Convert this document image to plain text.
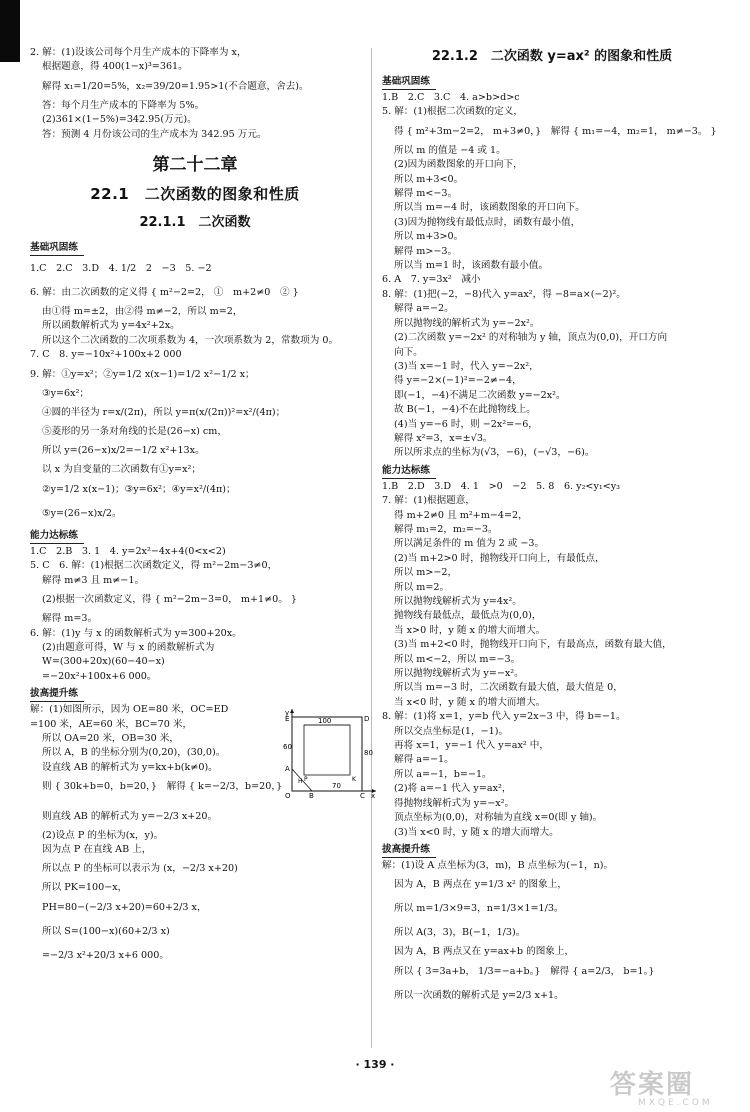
2. 解：(1)设该公司每个月生产成本的下降率为 x，
根据题意，得 400(1−x)³=361。
解得 x₁=1/20=5%，x₂=39/20=1.95>1(不合题意，舍去)。
答：每个月生产成本的下降率为 5%。
(2)361×(1−5%)=342.95(万元)。
答：预测 4 月份该公司的生产成本为 342.95 万元。
第二十二章
22.1　二次函数的图象和性质
22.1.1　二次函数
基础巩固练
1.C　2.C　3.D　4. 1/2　2　−3　5. −2
6. 解：由二次函数的定义得 { m²−2=2， ①　m+2≠0　② }
由①得 m=±2，由②得 m≠−2，所以 m=2，
所以函数解析式为 y=4x²+2x。
所以这个二次函数的二次项系数为 4，一次项系数为 2，常数项为 0。
7. C　8. y=−10x²+100x+2 000
9. 解：①y=x²；②y=1/2 x(x−1)=1/2 x²−1/2 x；
③y=6x²；
④圆的半径为 r=x/(2π)，所以 y=π(x/(2π))²=x²/(4π)；
⑤菱形的另一条对角线的长是(26−x) cm，
所以 y=(26−x)x/2=−1/2 x²+13x。
以 x 为自变量的二次函数有①y=x²；
②y=1/2 x(x−1)；③y=6x²；④y=x²/(4π)；
⑤y=(26−x)x/2。
能力达标练
1.C　2.B　3. 1　4. y=2x²−4x+4(0<x<2)
5. C　6. 解：(1)根据二次函数定义，得 m²−2m−3≠0，
解得 m≠3 且 m≠−1。
(2)根据一次函数定义，得 { m²−2m−3=0， m+1≠0。 }
解得 m=3。
6. 解：(1)y 与 x 的函数解析式为 y=300+20x。
(2)由题意可得，W 与 x 的函数解析式为
W=(300+20x)(60−40−x)
=−20x²+100x+6 000。
拔高提升练
解：(1)如图所示，因为 OE=80 米，OC=ED
=100 米，AE=60 米，BC=70 米，
所以 OA=20 米，OB=30 米，
所以 A，B 的坐标分别为(0,20)，(30,0)。
设直线 AB 的解析式为 y=kx+b(k≠0)。
则 { 30k+b=0，b=20，}　解得 { k=−2/3，b=20，}
y
E	D
100
60
80
A
O	B	C x
70
H P	K
则直线 AB 的解析式为 y=−2/3 x+20。
(2)设点 P 的坐标为(x，y)。
因为点 P 在直线 AB 上，
所以点 P 的坐标可以表示为 (x，−2/3 x+20)
所以 PK=100−x，
PH=80−(−2/3 x+20)=60+2/3 x，
所以 S=(100−x)(60+2/3 x)
=−2/3 x²+20/3 x+6 000。
22.1.2　二次函数 y=ax² 的图象和性质
基础巩固练
1.B　2.C　3.C　4. a>b>d>c
5. 解：(1)根据二次函数的定义，
得 { m²+3m−2=2， m+3≠0，}　解得 { m₁=−4，m₂=1， m≠−3。 }
所以 m 的值是 −4 或 1。
(2)因为函数图象的开口向下，
所以 m+3<0。
解得 m<−3。
所以当 m=−4 时，该函数图象的开口向下。
(3)因为抛物线有最低点时，函数有最小值，
所以 m+3>0。
解得 m>−3。
所以当 m=1 时，该函数有最小值。
6. A　7. y=3x²　减小
8. 解：(1)把(−2，−8)代入 y=ax²，得 −8=a×(−2)²。
解得 a=−2。
所以抛物线的解析式为 y=−2x²。
(2)二次函数 y=−2x² 的对称轴为 y 轴，顶点为(0,0)，开口方向
向下。
(3)当 x=−1 时，代入 y=−2x²，
得 y=−2×(−1)²=−2≠−4，
即(−1，−4)不满足二次函数 y=−2x²。
故 B(−1，−4)不在此抛物线上。
(4)当 y=−6 时，则 −2x²=−6，
解得 x²=3，x=±√3。
所以所求点的坐标为(√3，−6)，(−√3，−6)。
能力达标练
1.B　2.D　3.D　4. 1　>0　−2　5. 8　6. y₂<y₁<y₃
7. 解：(1)根据题意，
得 m+2≠0 且 m²+m−4=2，
解得 m₁=2，m₂=−3。
所以满足条件的 m 值为 2 或 −3。
(2)当 m+2>0 时，抛物线开口向上，有最低点，
所以 m>−2，
所以 m=2。
所以抛物线解析式为 y=4x²。
抛物线有最低点，最低点为(0,0)，
当 x>0 时，y 随 x 的增大而增大。
(3)当 m+2<0 时，抛物线开口向下，有最高点，函数有最大值，
所以 m<−2，所以 m=−3。
所以抛物线解析式为 y=−x²。
所以当 m=−3 时，二次函数有最大值，最大值是 0，
当 x<0 时，y 随 x 的增大而增大。
8. 解：(1)将 x=1，y=b 代入 y=2x−3 中，得 b=−1。
所以交点坐标是(1，−1)。
再将 x=1，y=−1 代入 y=ax² 中，
解得 a=−1。
所以 a=−1，b=−1。
(2)将 a=−1 代入 y=ax²，
得抛物线解析式为 y=−x²。
顶点坐标为(0,0)，对称轴为直线 x=0(即 y 轴)。
(3)当 x<0 时，y 随 x 的增大而增大。
拔高提升练
解：(1)设 A 点坐标为(3，m)，B 点坐标为(−1，n)。
因为 A，B 两点在 y=1/3 x² 的图象上，
所以 m=1/3×9=3，n=1/3×1=1/3。
所以 A(3，3)，B(−1，1/3)。
因为 A，B 两点又在 y=ax+b 的图象上，
所以 { 3=3a+b， 1/3=−a+b。}　解得 { a=2/3， b=1。}
所以一次函数的解析式是 y=2/3 x+1。
· 139 ·
答案圈
MXQE.COM
